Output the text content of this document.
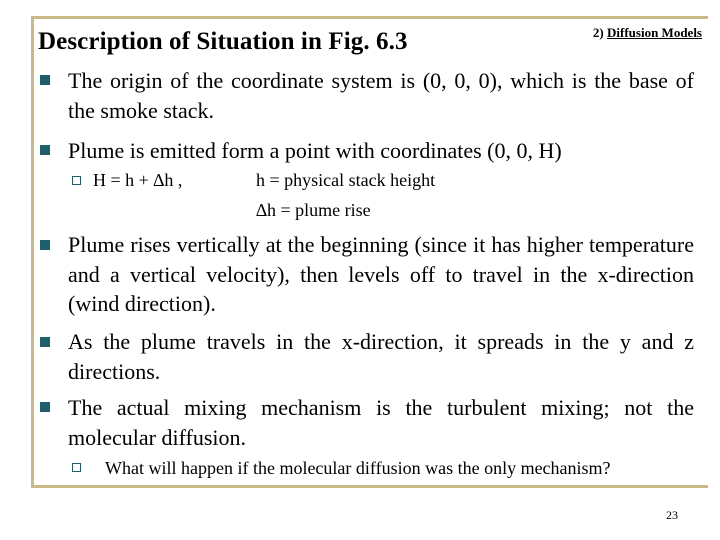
Description of Situation in Fig. 6.3	2) Diffusion Models
The origin of the coordinate system is (0, 0, 0), which is the base of the smoke stack.
Plume is emitted form a point with coordinates (0, 0, H)
H = h + ∆h ,	h = physical stack height
∆h = plume rise
Plume rises vertically at the beginning (since it has higher temperature and a vertical velocity), then levels off to travel in the x-direction (wind direction).
As the plume travels in the x-direction, it spreads in the y and z directions.
The actual mixing mechanism is the turbulent mixing; not the molecular diffusion.
What will happen if the molecular diffusion was the only mechanism?
23
